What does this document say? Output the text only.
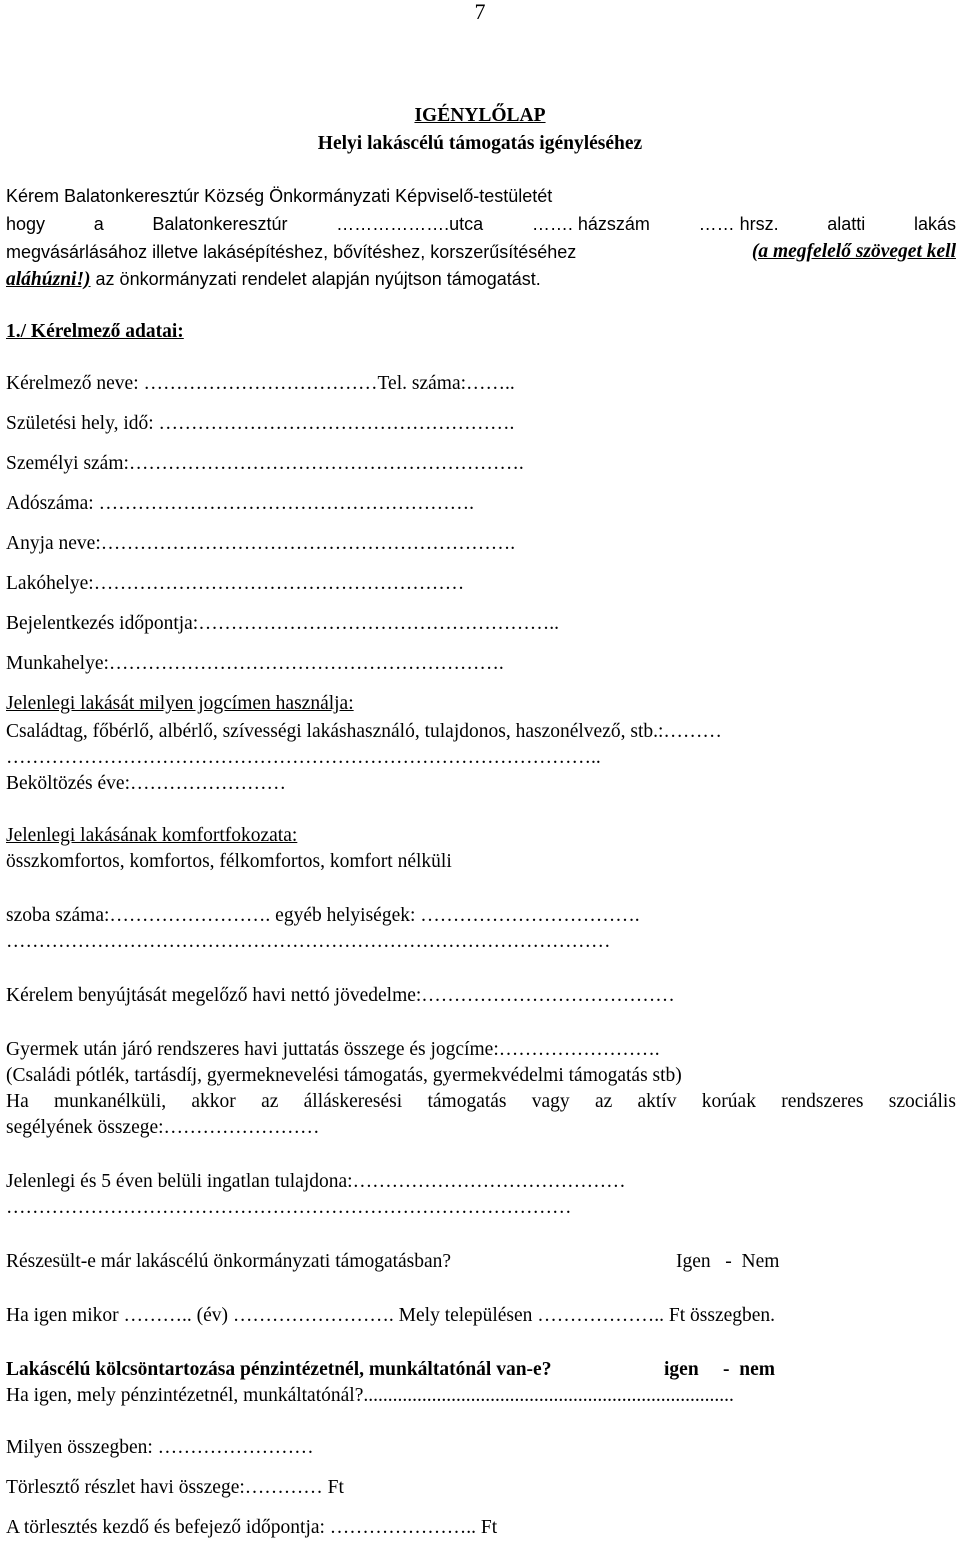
7
IGÉNYLŐLAP
Helyi lakáscélú támogatás igényléséhez
Kérem Balatonkeresztúr Község Önkormányzati Képviselő-testületét
hogy	a	Balatonkeresztúr	……………….utca	……. házszám	…… hrsz.	alatti	lakás
megvásárlásához illetve lakásépítéshez, bővítéshez, korszerűsítéséhez	(a megfelelő szöveget kell
aláhúzni!) az önkormányzati rendelet alapján nyújtson támogatást.
1./ Kérelmező adatai:
Kérelmező neve: ………………………………Tel. száma:……..
Születési hely, idő: ……………………………………………….
Személyi szám:…………………………………………………….
Adószáma: ………………………………………………….
Anyja neve:……………………………………………………….
Lakóhelye:…………………………………………………
Bejelentkezés időpontja:………………………………………………..
Munkahelye:…………………………………………………….
Jelenlegi lakását milyen jogcímen használja:
Családtag, főbérlő, albérlő, szívességi lakáshasználó, tulajdonos, haszonélvező, stb.:………
………………………………………………………………………………..
Beköltözés éve:……………………
Jelenlegi lakásának komfortfokozata:
összkomfortos, komfortos, félkomfortos, komfort nélküli
szoba száma:……………………. egyéb helyiségek: …………………………….
…………………………………………………………………………………
Kérelem benyújtását megelőző havi nettó jövedelme:…………………………………
Gyermek után járó rendszeres havi juttatás összege és jogcíme:…………………….
(Családi pótlék, tartásdíj, gyermeknevelési támogatás, gyermekvédelmi támogatás stb)
Ha munkanélküli, akkor az álláskeresési támogatás vagy az aktív korúak rendszeres szociális
segélyének összege:……………………
Jelenlegi és 5 éven belüli ingatlan tulajdona:……………………………………
……………………………………………………………………………
Részesült-e már lakáscélú önkormányzati támogatásban?	Igen   -  Nem
Ha igen mikor ……….. (év) ……………………. Mely településen ……………….. Ft összegben.
Lakáscélú kölcsöntartozása pénzintézetnél, munkáltatónál van-e?	igen     -  nem
Ha igen, mely pénzintézetnél, munkáltatónál?............................................................................
Milyen összegben: ……………………
Törlesztő részlet havi összege:………… Ft
A törlesztés kezdő és befejező időpontja: ………………….. Ft
